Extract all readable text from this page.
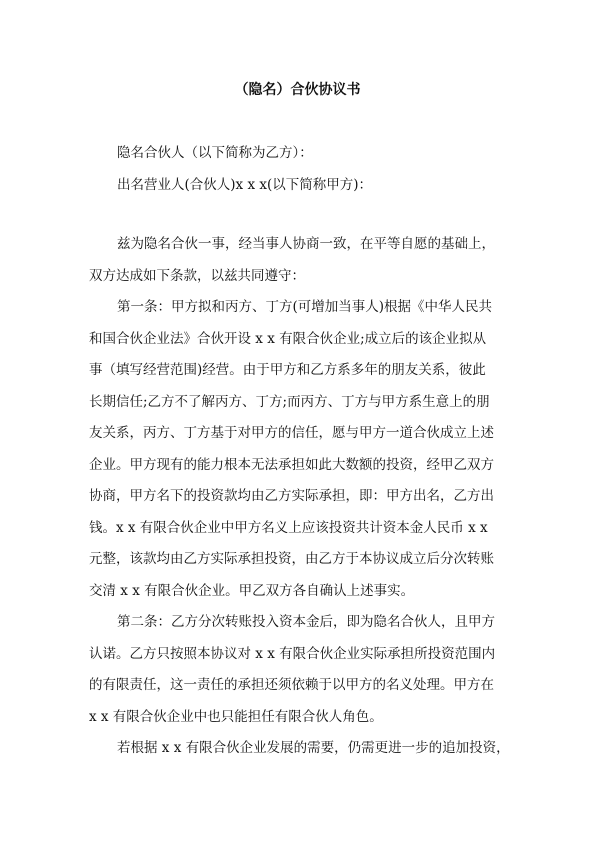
（隐名）合伙协议书
隐名合伙人（以下简称为乙方）：
出名营业人(合伙人)x x x(以下简称甲方)：
兹为隐名合伙一事，经当事人协商一致，在平等自愿的基础上，
双方达成如下条款，以兹共同遵守：
第一条：甲方拟和丙方、丁方(可增加当事人)根据《中华人民共
和国合伙企业法》合伙开设 x x 有限合伙企业;成立后的该企业拟从
事（填写经营范围)经营。由于甲方和乙方系多年的朋友关系，彼此
长期信任;乙方不了解丙方、丁方;而丙方、丁方与甲方系生意上的朋
友关系，丙方、丁方基于对甲方的信任，愿与甲方一道合伙成立上述
企业。甲方现有的能力根本无法承担如此大数额的投资，经甲乙双方
协商，甲方名下的投资款均由乙方实际承担，即：甲方出名，乙方出
钱。x x 有限合伙企业中甲方名义上应该投资共计资本金人民币 x x
元整，该款均由乙方实际承担投资，由乙方于本协议成立后分次转账
交清 x x 有限合伙企业。甲乙双方各自确认上述事实。
第二条：乙方分次转账投入资本金后，即为隐名合伙人，且甲方
认诺。乙方只按照本协议对 x x 有限合伙企业实际承担所投资范围内
的有限责任，这一责任的承担还须依赖于以甲方的名义处理。甲方在
x x 有限合伙企业中也只能担任有限合伙人角色。
若根据 x x 有限合伙企业发展的需要，仍需更进一步的追加投资，
